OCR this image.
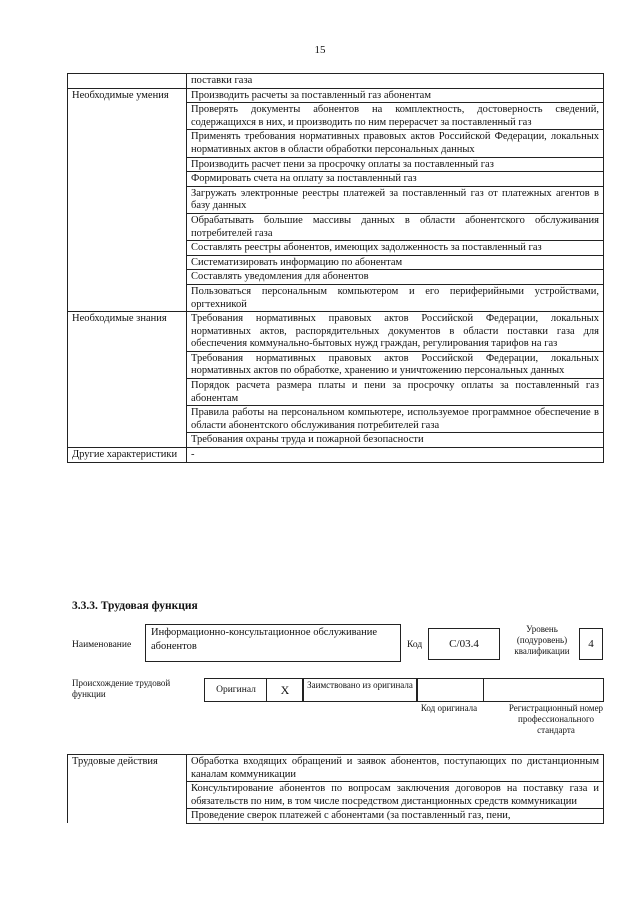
15
	поставки газа
Необходимые умения	Производить расчеты за поставленный газ абонентам
	Проверять документы абонентов на комплектность, достоверность сведений, содержащихся в них, и производить по ним перерасчет за поставленный газ
	Применять требования нормативных правовых актов Российской Федерации, локальных нормативных актов в области обработки персональных данных
	Производить расчет пени за просрочку оплаты за поставленный газ
	Формировать счета на оплату за поставленный газ
	Загружать электронные реестры платежей за поставленный газ от платежных агентов в базу данных
	Обрабатывать большие массивы данных в области абонентского обслуживания потребителей газа
	Составлять реестры абонентов, имеющих задолженность за поставленный газ
	Систематизировать информацию по абонентам
	Составлять уведомления для абонентов
	Пользоваться персональным компьютером и его периферийными устройствами, оргтехникой
Необходимые знания	Требования нормативных правовых актов Российской Федерации, локальных нормативных актов, распорядительных документов в области поставки газа для обеспечения коммунально-бытовых нужд граждан, регулирования тарифов на газ
	Требования нормативных правовых актов Российской Федерации, локальных нормативных актов по обработке, хранению и уничтожению персональных данных
	Порядок расчета размера платы и пени за просрочку оплаты за поставленный газ абонентам
	Правила работы на персональном компьютере, используемое программное обеспечение в области абонентского обслуживания потребителей газа
	Требования охраны труда и пожарной безопасности
Другие характеристики	-
3.3.3. Трудовая функция
Наименование
Информационно-консультационное обслуживание абонентов	Код	C/03.4
Уровень (подуровень) квалификации
4
Происхождение трудовой функции	Оригинал	X	Заимствовано из оригинала
Код оригинала	Регистрационный номер профессионального стандарта
Трудовые действия	Обработка входящих обращений и заявок абонентов, поступающих по дистанционным каналам коммуникации
Консультирование абонентов по вопросам заключения договоров на поставку газа и обязательств по ним, в том числе посредством дистанционных средств коммуникации
Проведение сверок платежей с абонентами (за поставленный газ, пени,
